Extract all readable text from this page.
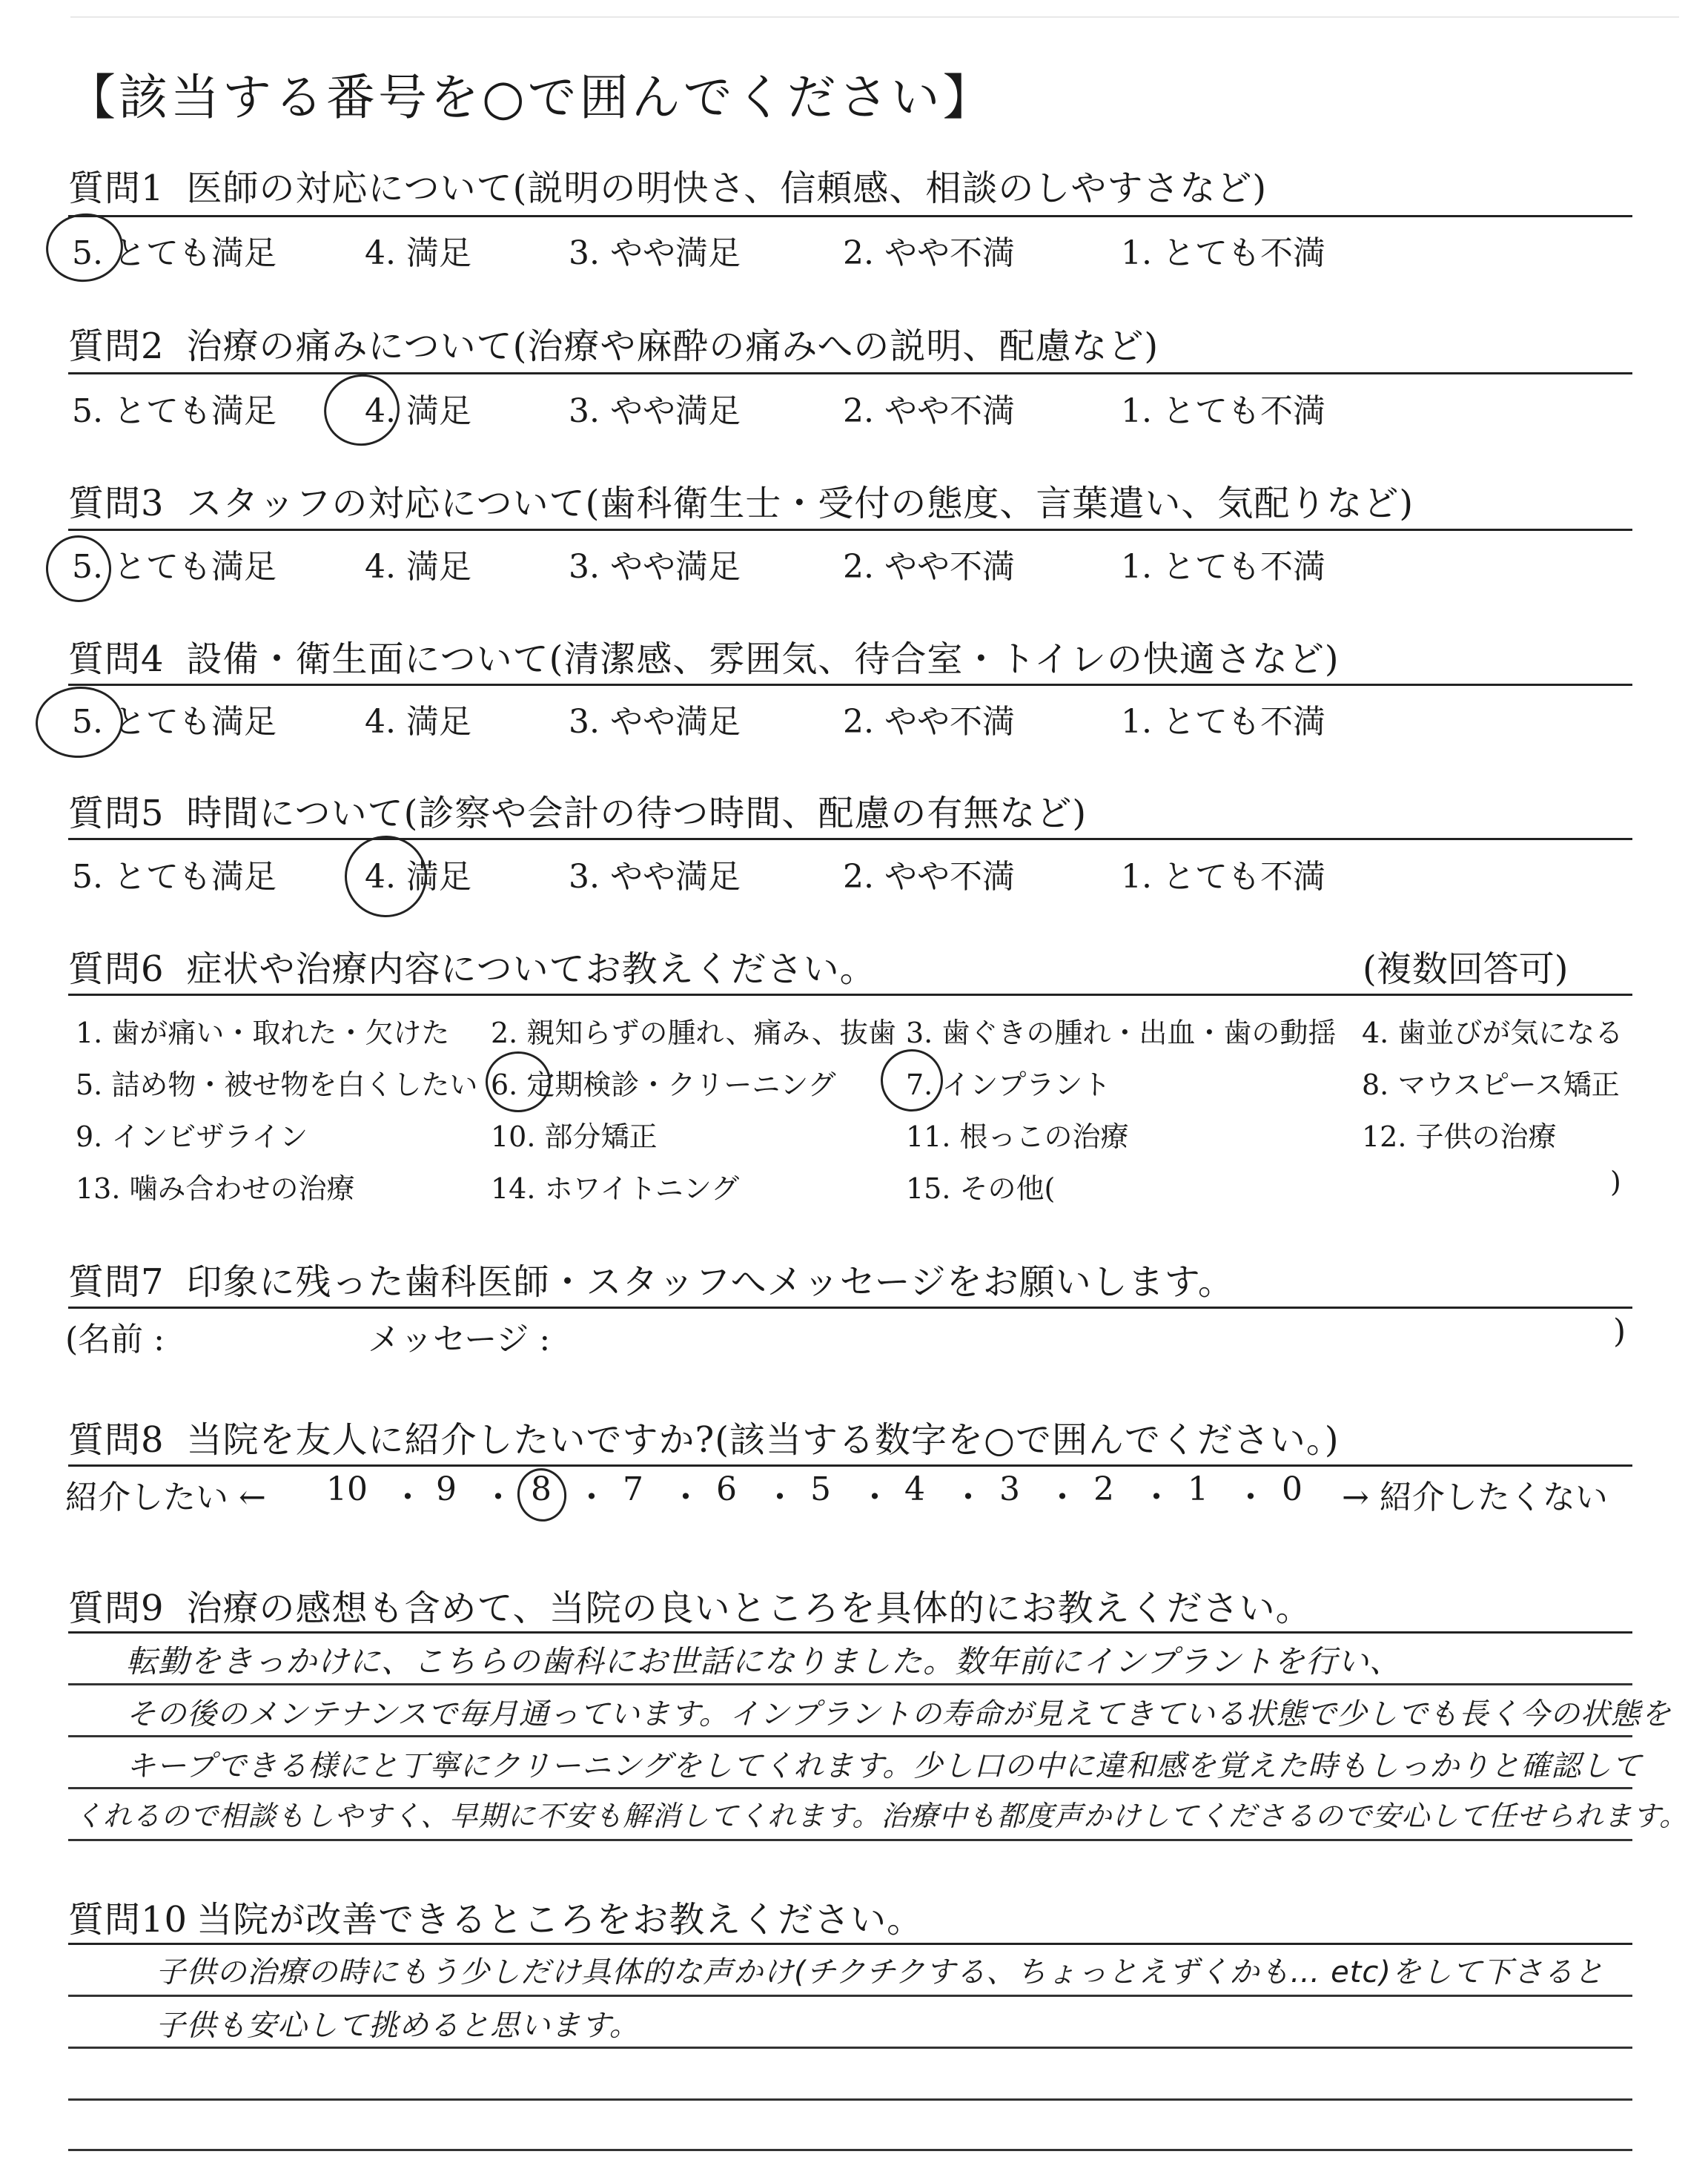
【該当する番号を○で囲んでください】
質問1 医師の対応について(説明の明快さ、信頼感、相談のしやすさなど)
5. とても満足	4. 満足	3. やや満足	2. やや不満	1. とても不満
質問2 治療の痛みについて(治療や麻酔の痛みへの説明、配慮など)
5. とても満足	4. 満足	3. やや満足	2. やや不満	1. とても不満
質問3 スタッフの対応について(歯科衛生士・受付の態度、言葉遣い、気配りなど)
5. とても満足	4. 満足	3. やや満足	2. やや不満	1. とても不満
質問4 設備・衛生面について(清潔感、雰囲気、待合室・トイレの快適さなど)
5. とても満足	4. 満足	3. やや満足	2. やや不満	1. とても不満
質問5 時間について(診察や会計の待つ時間、配慮の有無など)
5. とても満足	4. 満足	3. やや満足	2. やや不満	1. とても不満
質問6 症状や治療内容についてお教えください。	(複数回答可)
1. 歯が痛い・取れた・欠けた 2. 親知らずの腫れ、痛み、抜歯 3. 歯ぐきの腫れ・出血・歯の動揺 4. 歯並びが気になる
5. 詰め物・被せ物を白くしたい 6. 定期検診・クリーニング 7. インプラント	8. マウスピース矯正
9. インビザライン	10. 部分矯正	11. 根っこの治療	12. 子供の治療
13. 噛み合わせの治療	14. ホワイトニング	15. その他(	)
質問7 印象に残った歯科医師・スタッフへメッセージをお願いします。
(名前 :	メッセージ :	)
質問8 当院を友人に紹介したいですか?(該当する数字を○で囲んでください。)
紹介したい ← 10 ・ 9 ・ 8 ・ 7 ・ 6 ・ 5 ・ 4 ・ 3 ・ 2 ・ 1 ・ 0 → 紹介したくない
質問9 治療の感想も含めて、当院の良いところを具体的にお教えください。
転勤をきっかけに、こちらの歯科にお世話になりました。数年前にインプラントを行い、
その後のメンテナンスで毎月通っています。インプラントの寿命が見えてきている状態で少しでも長く今の状態を
キープできる様にと丁寧にクリーニングをしてくれます。少し口の中に違和感を覚えた時もしっかりと確認して
くれるので相談もしやすく、早期に不安も解消してくれます。治療中も都度声かけしてくださるので安心して任せられます。
質問10 当院が改善できるところをお教えください。
子供の治療の時にもう少しだけ具体的な声かけ(チクチクする、ちょっとえずくかも… etc)をして下さると
子供も安心して挑めると思います。
